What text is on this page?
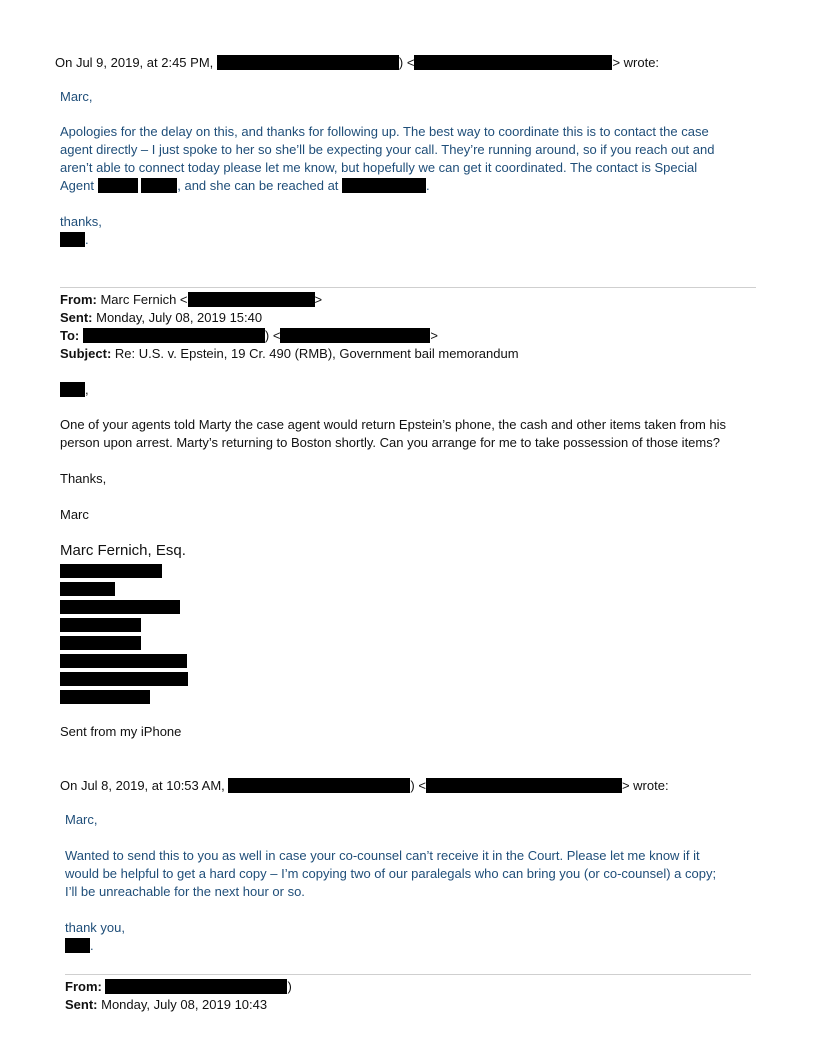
On Jul 9, 2019, at 2:45 PM,	) <	> wrote:
Marc,
Apologies for the delay on this, and thanks for following up. The best way to coordinate this is to contact the case
agent directly – I just spoke to her so she’ll be expecting your call. They’re running around, so if you reach out and
aren’t able to connect today please let me know, but hopefully we can get it coordinated. The contact is Special
Agent	, and she can be reached at	.
thanks,
.
From: Marc Fernich <	>
Sent: Monday, July 08, 2019 15:40
To:	) <	>
Subject: Re: U.S. v. Epstein, 19 Cr. 490 (RMB), Government bail memorandum
,
One of your agents told Marty the case agent would return Epstein’s phone, the cash and other items taken from his
person upon arrest. Marty’s returning to Boston shortly. Can you arrange for me to take possession of those items?
Thanks,
Marc
Marc Fernich, Esq.
Sent from my iPhone
On Jul 8, 2019, at 10:53 AM,	) <	> wrote:
Marc,
Wanted to send this to you as well in case your co-counsel can’t receive it in the Court. Please let me know if it
would be helpful to get a hard copy – I’m copying two of our paralegals who can bring you (or co-counsel) a copy;
I’ll be unreachable for the next hour or so.
thank you,
.
From:	)
Sent: Monday, July 08, 2019 10:43
